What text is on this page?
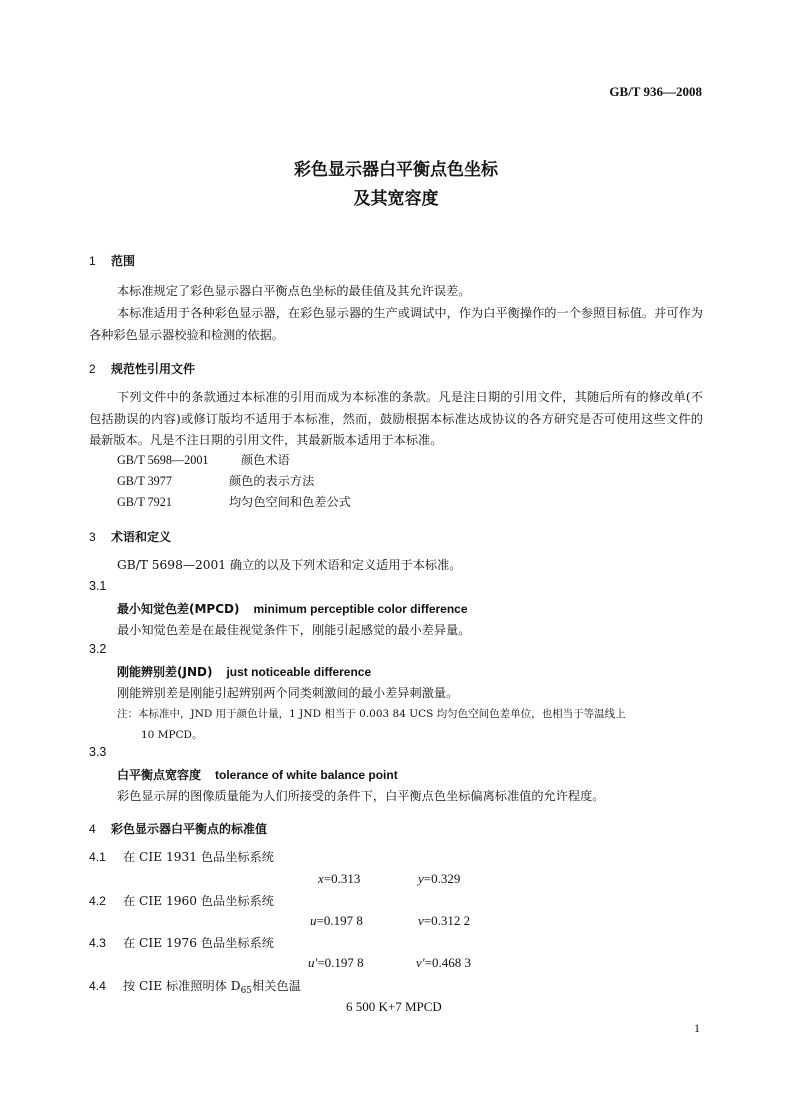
GB/T 936—2008
彩色显示器白平衡点色坐标
及其宽容度
1 范围
本标准规定了彩色显示器白平衡点色坐标的最佳值及其允许误差。
本标准适用于各种彩色显示器，在彩色显示器的生产或调试中，作为白平衡操作的一个参照目标值。并可作为各种彩色显示器校验和检测的依据。
2 规范性引用文件
下列文件中的条款通过本标准的引用而成为本标准的条款。凡是注日期的引用文件，其随后所有的修改单(不包括勘误的内容)或修订版均不适用于本标准，然而，鼓励根据本标准达成协议的各方研究是否可使用这些文件的最新版本。凡是不注日期的引用文件，其最新版本适用于本标准。
GB/T 5698—2001	颜色术语
GB/T 3977	颜色的表示方法
GB/T 7921	均匀色空间和色差公式
3 术语和定义
GB/T 5698—2001 确立的以及下列术语和定义适用于本标准。
3.1
最小知觉色差(MPCD) minimum perceptible color difference
最小知觉色差是在最佳视觉条件下，刚能引起感觉的最小差异量。
3.2
刚能辨别差(JND) just noticeable difference
刚能辨别差是刚能引起辨别两个同类刺激间的最小差异刺激量。
注：本标准中，JND 用于颜色计量，1 JND 相当于 0.003 84 UCS 均匀色空间色差单位，也相当于等温线上
10 MPCD。
3.3
白平衡点宽容度 tolerance of white balance point
彩色显示屏的图像质量能为人们所接受的条件下，白平衡点色坐标偏离标准值的允许程度。
4 彩色显示器白平衡点的标准值
4.1 在 CIE 1931 色品坐标系统
x=0.313	y=0.329
4.2 在 CIE 1960 色品坐标系统
u=0.197 8	v=0.312 2
4.3 在 CIE 1976 色品坐标系统
u′=0.197 8	v′=0.468 3
4.4 按 CIE 标准照明体 $D_{65}$相关色温
6 500 K+7 MPCD
1
